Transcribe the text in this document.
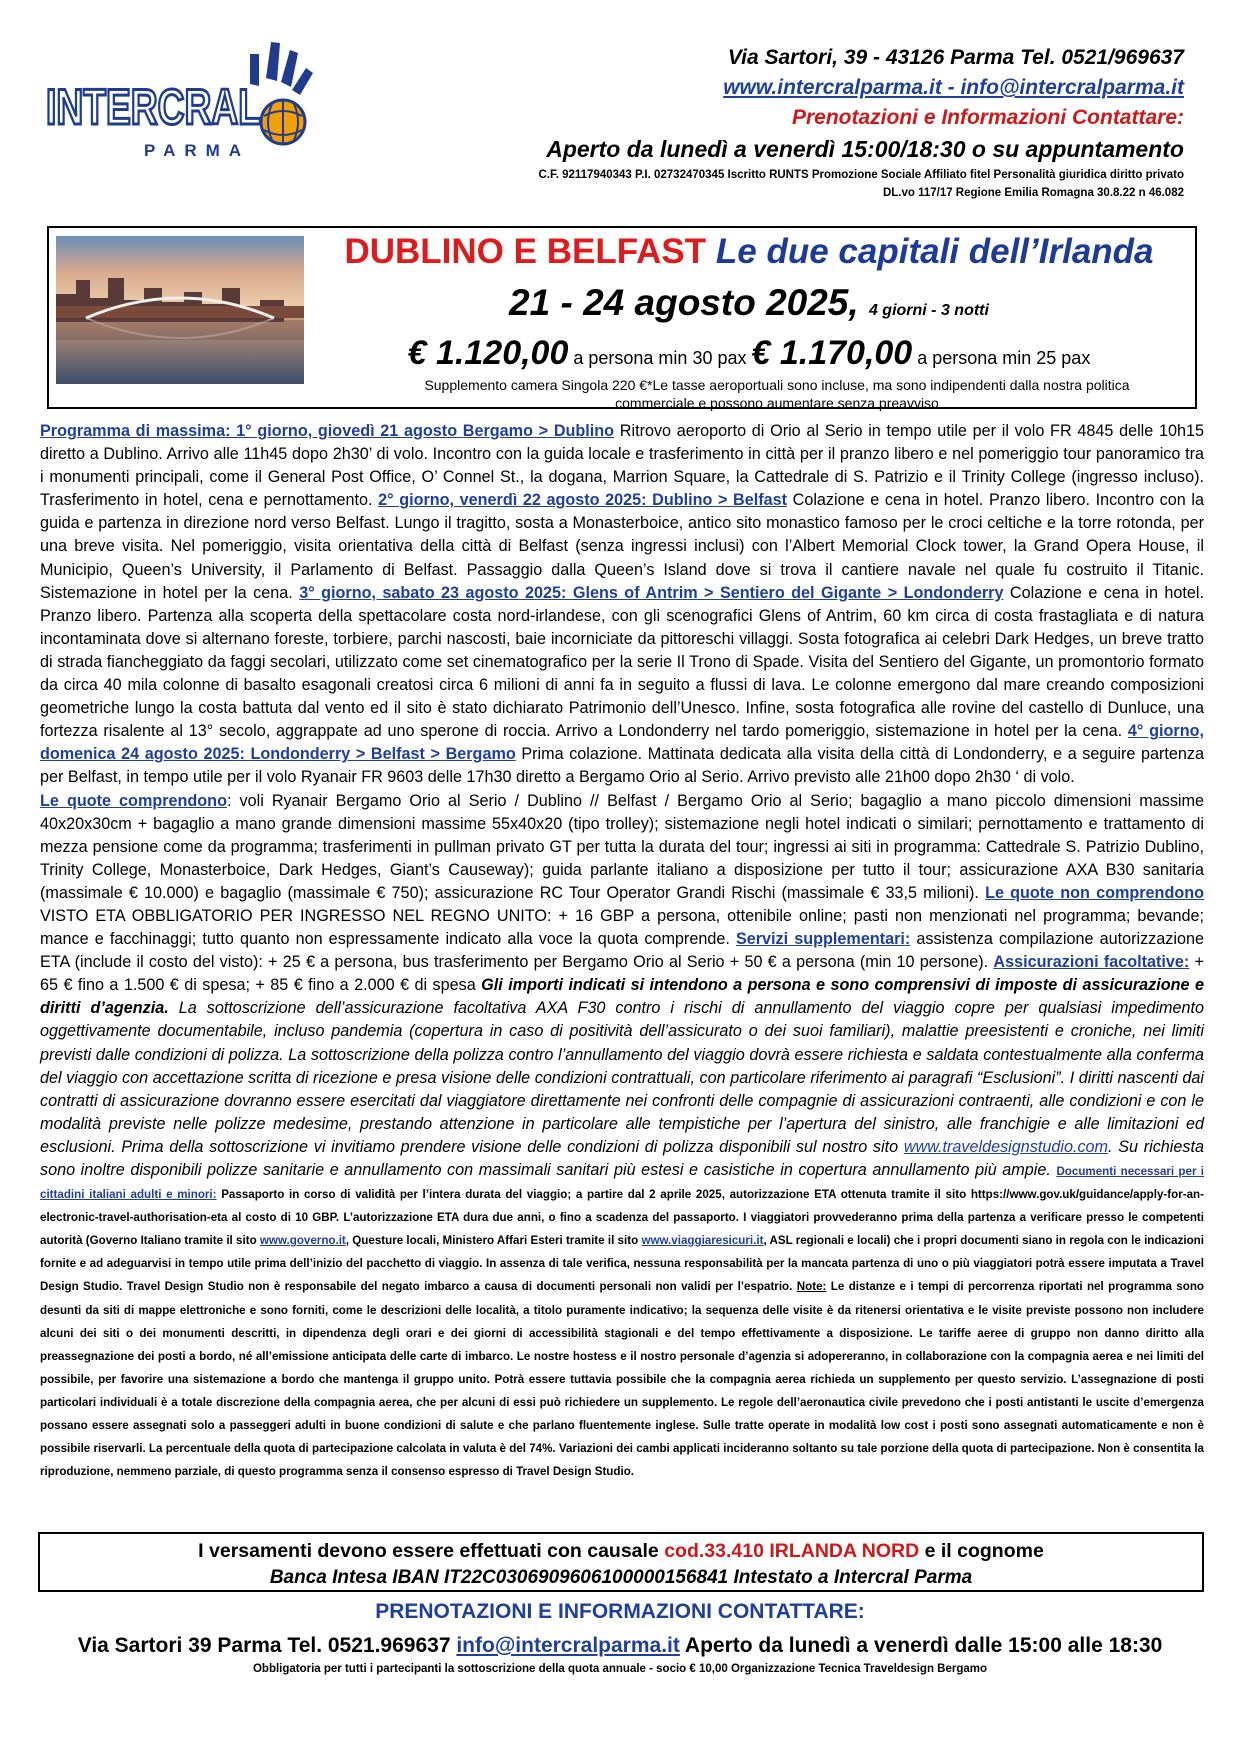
INTERCRAL
PARMA
Via Sartori, 39 - 43126 Parma Tel. 0521/969637
www.intercralparma.it - info@intercralparma.it
Prenotazioni e Informazioni Contattare:
Aperto da lunedì a venerdì 15:00/18:30 o su appuntamento
C.F. 92117940343 P.I. 02732470345 Iscritto RUNTS Promozione Sociale Affiliato fitel Personalità giuridica diritto privato
DL.vo 117/17 Regione Emilia Romagna 30.8.22 n 46.082
DUBLINO E BELFAST Le due capitali dell’Irlanda
21 - 24 agosto 2025, 4 giorni - 3 notti
€ 1.120,00 a persona min 30 pax € 1.170,00 a persona min 25 pax
Supplemento camera Singola 220 €*Le tasse aeroportuali sono incluse, ma sono indipendenti dalla nostra politica commerciale e possono aumentare senza preavviso
Programma di massima: 1° giorno, giovedì 21 agosto Bergamo > Dublino Ritrovo aeroporto di Orio al Serio in tempo utile per il volo FR 4845 delle 10h15 diretto a Dublino. Arrivo alle 11h45 dopo 2h30’ di volo. Incontro con la guida locale e trasferimento in città per il pranzo libero e nel pomeriggio tour panoramico tra i monumenti principali, come il General Post Office, O’ Connel St., la dogana, Marrion Square, la Cattedrale di S. Patrizio e il Trinity College (ingresso incluso). Trasferimento in hotel, cena e pernottamento. 2° giorno, venerdì 22 agosto 2025: Dublino > Belfast Colazione e cena in hotel. Pranzo libero. Incontro con la guida e partenza in direzione nord verso Belfast. Lungo il tragitto, sosta a Monasterboice, antico sito monastico famoso per le croci celtiche e la torre rotonda, per una breve visita. Nel pomeriggio, visita orientativa della città di Belfast (senza ingressi inclusi) con l’Albert Memorial Clock tower, la Grand Opera House, il Municipio, Queen’s University, il Parlamento di Belfast. Passaggio dalla Queen’s Island dove si trova il cantiere navale nel quale fu costruito il Titanic. Sistemazione in hotel per la cena. 3° giorno, sabato 23 agosto 2025: Glens of Antrim > Sentiero del Gigante > Londonderry Colazione e cena in hotel. Pranzo libero. Partenza alla scoperta della spettacolare costa nord-irlandese, con gli scenografici Glens of Antrim, 60 km circa di costa frastagliata e di natura incontaminata dove si alternano foreste, torbiere, parchi nascosti, baie incorniciate da pittoreschi villaggi. Sosta fotografica ai celebri Dark Hedges, un breve tratto di strada fiancheggiato da faggi secolari, utilizzato come set cinematografico per la serie Il Trono di Spade. Visita del Sentiero del Gigante, un promontorio formato da circa 40 mila colonne di basalto esagonali creatosi circa 6 milioni di anni fa in seguito a flussi di lava. Le colonne emergono dal mare creando composizioni geometriche lungo la costa battuta dal vento ed il sito è stato dichiarato Patrimonio dell’Unesco. Infine, sosta fotografica alle rovine del castello di Dunluce, una fortezza risalente al 13° secolo, aggrappate ad uno sperone di roccia. Arrivo a Londonderry nel tardo pomeriggio, sistemazione in hotel per la cena. 4° giorno, domenica 24 agosto 2025: Londonderry > Belfast > Bergamo Prima colazione. Mattinata dedicata alla visita della città di Londonderry, e a seguire partenza per Belfast, in tempo utile per il volo Ryanair FR 9603 delle 17h30 diretto a Bergamo Orio al Serio. Arrivo previsto alle 21h00 dopo 2h30 ‘ di volo.
Le quote comprendono: voli Ryanair Bergamo Orio al Serio / Dublino // Belfast / Bergamo Orio al Serio; bagaglio a mano piccolo dimensioni massime 40x20x30cm + bagaglio a mano grande dimensioni massime 55x40x20 (tipo trolley); sistemazione negli hotel indicati o similari; pernottamento e trattamento di mezza pensione come da programma; trasferimenti in pullman privato GT per tutta la durata del tour; ingressi ai siti in programma: Cattedrale S. Patrizio Dublino, Trinity College, Monasterboice, Dark Hedges, Giant’s Causeway); guida parlante italiano a disposizione per tutto il tour; assicurazione AXA B30 sanitaria (massimale € 10.000) e bagaglio (massimale € 750); assicurazione RC Tour Operator Grandi Rischi (massimale € 33,5 milioni). Le quote non comprendono VISTO ETA OBBLIGATORIO PER INGRESSO NEL REGNO UNITO: + 16 GBP a persona, ottenibile online; pasti non menzionati nel programma; bevande; mance e facchinaggi; tutto quanto non espressamente indicato alla voce la quota comprende. Servizi supplementari: assistenza compilazione autorizzazione ETA (include il costo del visto): + 25 € a persona, bus trasferimento per Bergamo Orio al Serio + 50 € a persona (min 10 persone). Assicurazioni facoltative: + 65 € fino a 1.500 € di spesa; + 85 € fino a 2.000 € di spesa Gli importi indicati si intendono a persona e sono comprensivi di imposte di assicurazione e diritti d’agenzia. La sottoscrizione dell’assicurazione facoltativa AXA F30 contro i rischi di annullamento del viaggio copre per qualsiasi impedimento oggettivamente documentabile, incluso pandemia (copertura in caso di positività dell’assicurato o dei suoi familiari), malattie preesistenti e croniche, nei limiti previsti dalle condizioni di polizza. La sottoscrizione della polizza contro l’annullamento del viaggio dovrà essere richiesta e saldata contestualmente alla conferma del viaggio con accettazione scritta di ricezione e presa visione delle condizioni contrattuali, con particolare riferimento ai paragrafi “Esclusioni”. I diritti nascenti dai contratti di assicurazione dovranno essere esercitati dal viaggiatore direttamente nei confronti delle compagnie di assicurazioni contraenti, alle condizioni e con le modalità previste nelle polizze medesime, prestando attenzione in particolare alle tempistiche per l’apertura del sinistro, alle franchigie e alle limitazioni ed esclusioni. Prima della sottoscrizione vi invitiamo prendere visione delle condizioni di polizza disponibili sul nostro sito www.traveldesignstudio.com. Su richiesta sono inoltre disponibili polizze sanitarie e annullamento con massimali sanitari più estesi e casistiche in copertura annullamento più ampie. Documenti necessari per i cittadini italiani adulti e minori: Passaporto in corso di validità per l’intera durata del viaggio; a partire dal 2 aprile 2025, autorizzazione ETA ottenuta tramite il sito https://www.gov.uk/guidance/apply-for-an-electronic-travel-authorisation-eta al costo di 10 GBP. L’autorizzazione ETA dura due anni, o fino a scadenza del passaporto. I viaggiatori provvederanno prima della partenza a verificare presso le competenti autorità (Governo Italiano tramite il sito www.governo.it, Questure locali, Ministero Affari Esteri tramite il sito www.viaggiaresicuri.it, ASL regionali e locali) che i propri documenti siano in regola con le indicazioni fornite e ad adeguarvisi in tempo utile prima dell’inizio del pacchetto di viaggio. In assenza di tale verifica, nessuna responsabilità per la mancata partenza di uno o più viaggiatori potrà essere imputata a Travel Design Studio. Travel Design Studio non è responsabile del negato imbarco a causa di documenti personali non validi per l’espatrio. Note: Le distanze e i tempi di percorrenza riportati nel programma sono desunti da siti di mappe elettroniche e sono forniti, come le descrizioni delle località, a titolo puramente indicativo; la sequenza delle visite è da ritenersi orientativa e le visite previste possono non includere alcuni dei siti o dei monumenti descritti, in dipendenza degli orari e dei giorni di accessibilità stagionali e del tempo effettivamente a disposizione. Le tariffe aeree di gruppo non danno diritto alla preassegnazione dei posti a bordo, né all’emissione anticipata delle carte di imbarco. Le nostre hostess e il nostro personale d’agenzia si adopereranno, in collaborazione con la compagnia aerea e nei limiti del possibile, per favorire una sistemazione a bordo che mantenga il gruppo unito. Potrà essere tuttavia possibile che la compagnia aerea richieda un supplemento per questo servizio. L’assegnazione di posti particolari individuali è a totale discrezione della compagnia aerea, che per alcuni di essi può richiedere un supplemento. Le regole dell’aeronautica civile prevedono che i posti antistanti le uscite d’emergenza possano essere assegnati solo a passeggeri adulti in buone condizioni di salute e che parlano fluentemente inglese. Sulle tratte operate in modalità low cost i posti sono assegnati automaticamente e non è possibile riservarli. La percentuale della quota di partecipazione calcolata in valuta è del 74%. Variazioni dei cambi applicati incideranno soltanto su tale porzione della quota di partecipazione. Non è consentita la riproduzione, nemmeno parziale, di questo programma senza il consenso espresso di Travel Design Studio.
I versamenti devono essere effettuati con causale cod.33.410 IRLANDA NORD e il cognome
Banca Intesa IBAN IT22C0306909606100000156841 Intestato a Intercral Parma
PRENOTAZIONI E INFORMAZIONI CONTATTARE:
Via Sartori 39 Parma Tel. 0521.969637 info@intercralparma.it Aperto da lunedì a venerdì dalle 15:00 alle 18:30
Obbligatoria per tutti i partecipanti la sottoscrizione della quota annuale - socio € 10,00 Organizzazione Tecnica Traveldesign Bergamo
